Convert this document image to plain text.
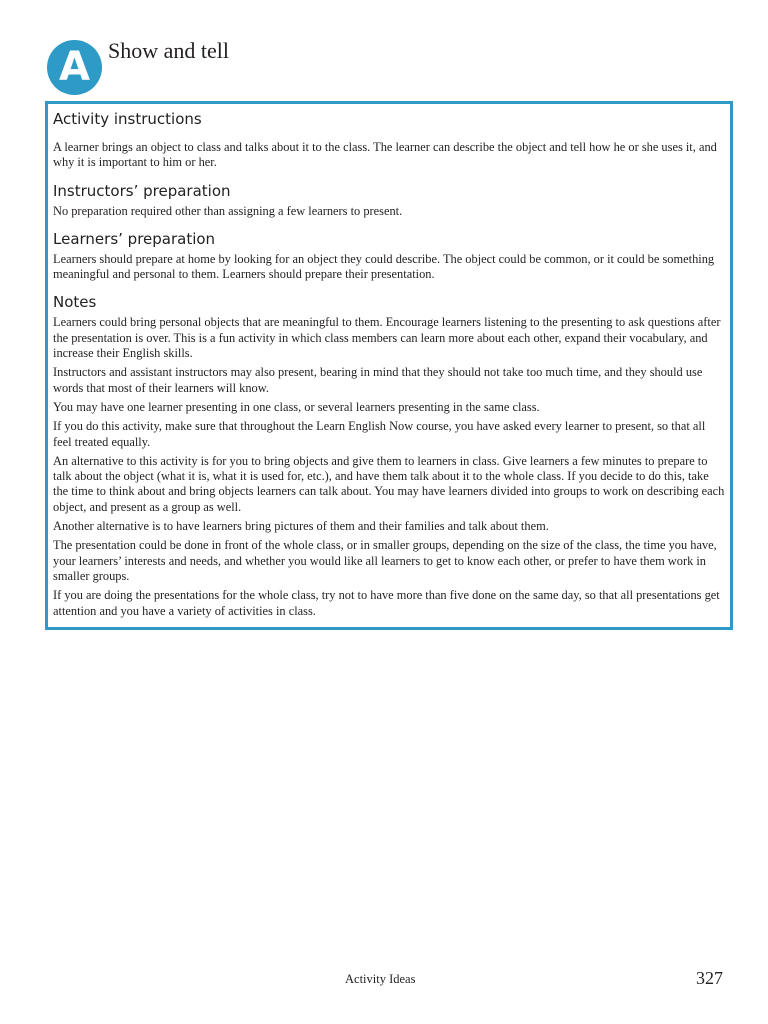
A Show and tell
Activity instructions

A learner brings an object to class and talks about it to the class. The learner can describe the object and tell how he or she uses it, and why it is important to him or her.

Instructors’ preparation

No preparation required other than assigning a few learners to present.

Learners’ preparation

Learners should prepare at home by looking for an object they could describe. The object could be common, or it could be something meaningful and personal to them. Learners should prepare their presentation.

Notes

Learners could bring personal objects that are meaningful to them. Encourage learners listening to the presenting to ask questions after the presentation is over. This is a fun activity in which class members can learn more about each other, expand their vocabulary, and increase their English skills.

Instructors and assistant instructors may also present, bearing in mind that they should not take too much time, and they should use words that most of their learners will know.

You may have one learner presenting in one class, or several learners presenting in the same class.

If you do this activity, make sure that throughout the Learn English Now course, you have asked every learner to present, so that all feel treated equally.

An alternative to this activity is for you to bring objects and give them to learners in class. Give learners a few minutes to prepare to talk about the object (what it is, what it is used for, etc.), and have them talk about it to the whole class. If you decide to do this, take the time to think about and bring objects learners can talk about. You may have learners divided into groups to work on describing each object, and present as a group as well.

Another alternative is to have learners bring pictures of them and their families and talk about them.

The presentation could be done in front of the whole class, or in smaller groups, depending on the size of the class, the time you have, your learners’ interests and needs, and whether you would like all learners to get to know each other, or prefer to have them work in smaller groups.

If you are doing the presentations for the whole class, try not to have more than five done on the same day, so that all presentations get attention and you have a variety of activities in class.

Activity Ideas	327
